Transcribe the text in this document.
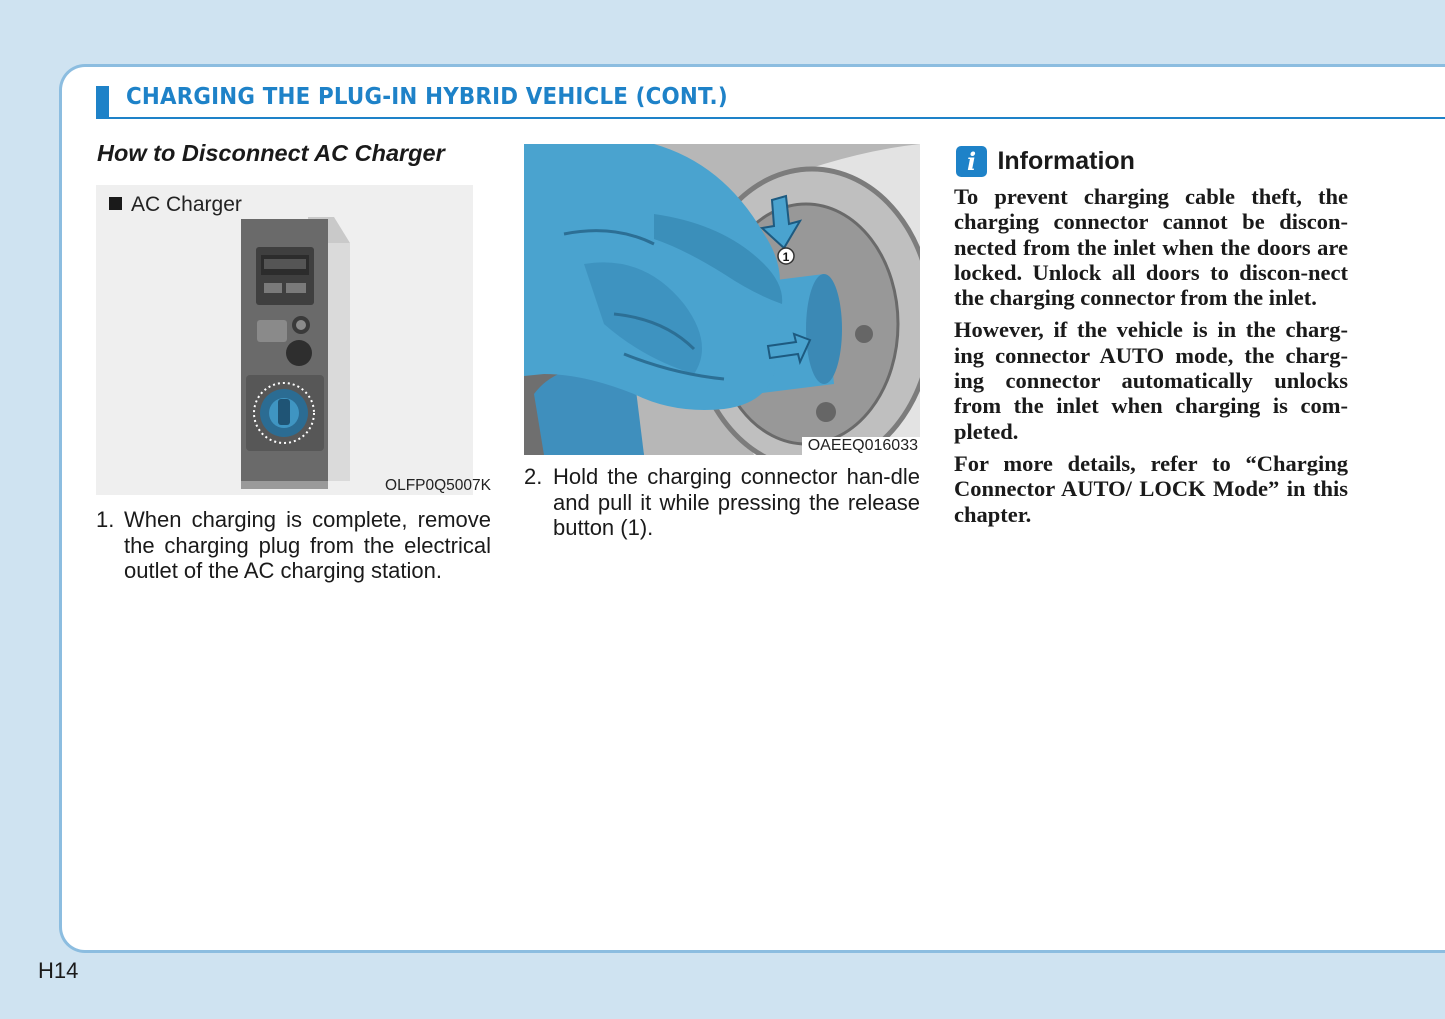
CHARGING THE PLUG-IN HYBRID VEHICLE (CONT.)
How to Disconnect AC Charger
AC Charger
OLFP0Q5007K
1
OAEEQ016033
1. When charging is complete, remove the charging plug from the electrical outlet of the AC charging station.
2. Hold the charging connector han-dle and pull it while pressing the release button (1).
i Information

To prevent charging cable theft, the charging connector cannot be discon-nected from the inlet when the doors are locked. Unlock all doors to discon-nect the charging connector from the inlet.

However, if the vehicle is in the charg-ing connector AUTO mode, the charg-ing connector automatically unlocks from the inlet when charging is com-pleted.

For more details, refer to “Charging Connector AUTO/ LOCK Mode” in this chapter.

H14
